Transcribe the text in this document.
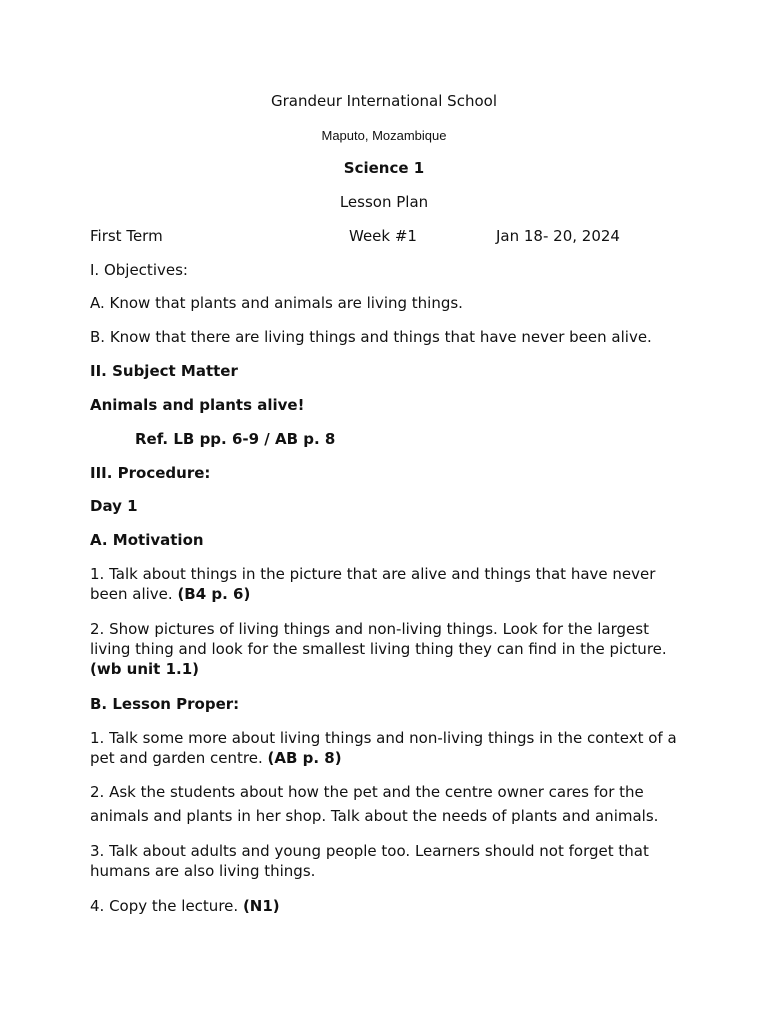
Grandeur International School
Maputo, Mozambique
Science 1
Lesson Plan
First Term	Week #1	Jan 18- 20, 2024
I. Objectives:
A. Know that plants and animals are living things.
B. Know that there are living things and things that have never been alive.
II. Subject Matter
Animals and plants alive!
Ref. LB pp. 6-9 / AB p. 8
III. Procedure:
Day 1
A. Motivation
1. Talk about things in the picture that are alive and things that have never been alive. (B4 p. 6)
2. Show pictures of living things and non-living things. Look for the largest living thing and look for the smallest living thing they can find in the picture.
(wb unit 1.1)
B. Lesson Proper:
1. Talk some more about living things and non-living things in the context of a pet and garden centre. (AB p. 8)
2. Ask the students about how the pet and the centre owner cares for the
animals and plants in her shop. Talk about the needs of plants and animals.
3. Talk about adults and young people too. Learners should not forget that humans are also living things.
4. Copy the lecture. (N1)
